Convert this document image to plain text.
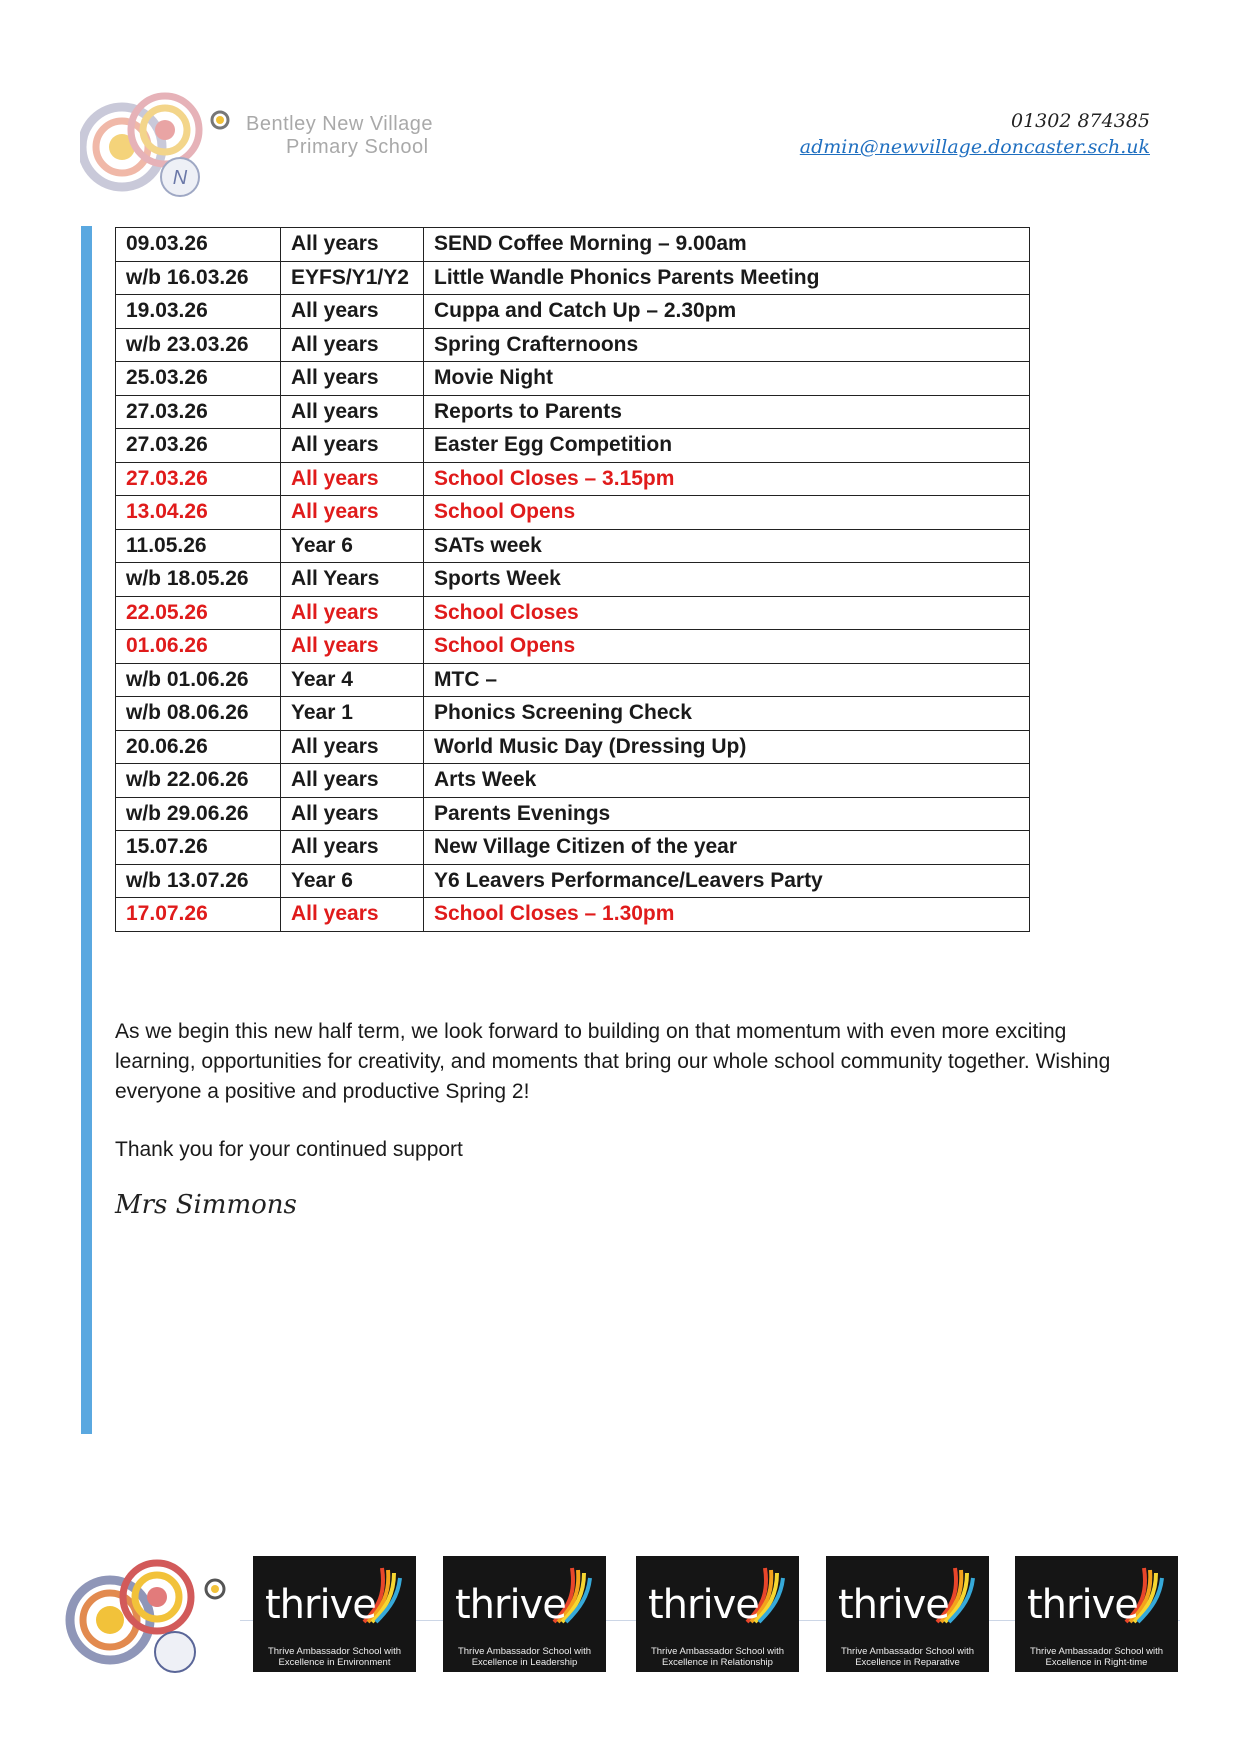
N
Bentley New Village
Primary School
01302 874385
admin@newvillage.doncaster.sch.uk
09.03.26	All years	SEND Coffee Morning – 9.00am
w/b 16.03.26	EYFS/Y1/Y2	Little Wandle Phonics Parents Meeting
19.03.26	All years	Cuppa and Catch Up – 2.30pm
w/b 23.03.26	All years	Spring Crafternoons
25.03.26	All years	Movie Night
27.03.26	All years	Reports to Parents
27.03.26	All years	Easter Egg Competition
27.03.26	All years	School Closes – 3.15pm
13.04.26	All years	School Opens
11.05.26	Year 6	SATs week
w/b 18.05.26	All Years	Sports Week
22.05.26	All years	School Closes
01.06.26	All years	School Opens
w/b 01.06.26	Year 4	MTC –
w/b 08.06.26	Year 1	Phonics Screening Check
20.06.26	All years	World Music Day (Dressing Up)
w/b 22.06.26	All years	Arts Week
w/b 29.06.26	All years	Parents Evenings
15.07.26	All years	New Village Citizen of the year
w/b 13.07.26	Year 6	Y6 Leavers Performance/Leavers Party
17.07.26	All years	School Closes – 1.30pm

As we begin this new half term, we look forward to building on that momentum with even more exciting learning, opportunities for creativity, and moments that bring our whole school community together. Wishing everyone a positive and productive Spring 2!

Thank you for your continued support

Mrs Simmons
thrive
Thrive Ambassador School with Excellence in Environment
thrive
Thrive Ambassador School with Excellence in Leadership
thrive
Thrive Ambassador School with Excellence in Relationship
thrive
Thrive Ambassador School with Excellence in Reparative
thrive
Thrive Ambassador School with Excellence in Right-time
